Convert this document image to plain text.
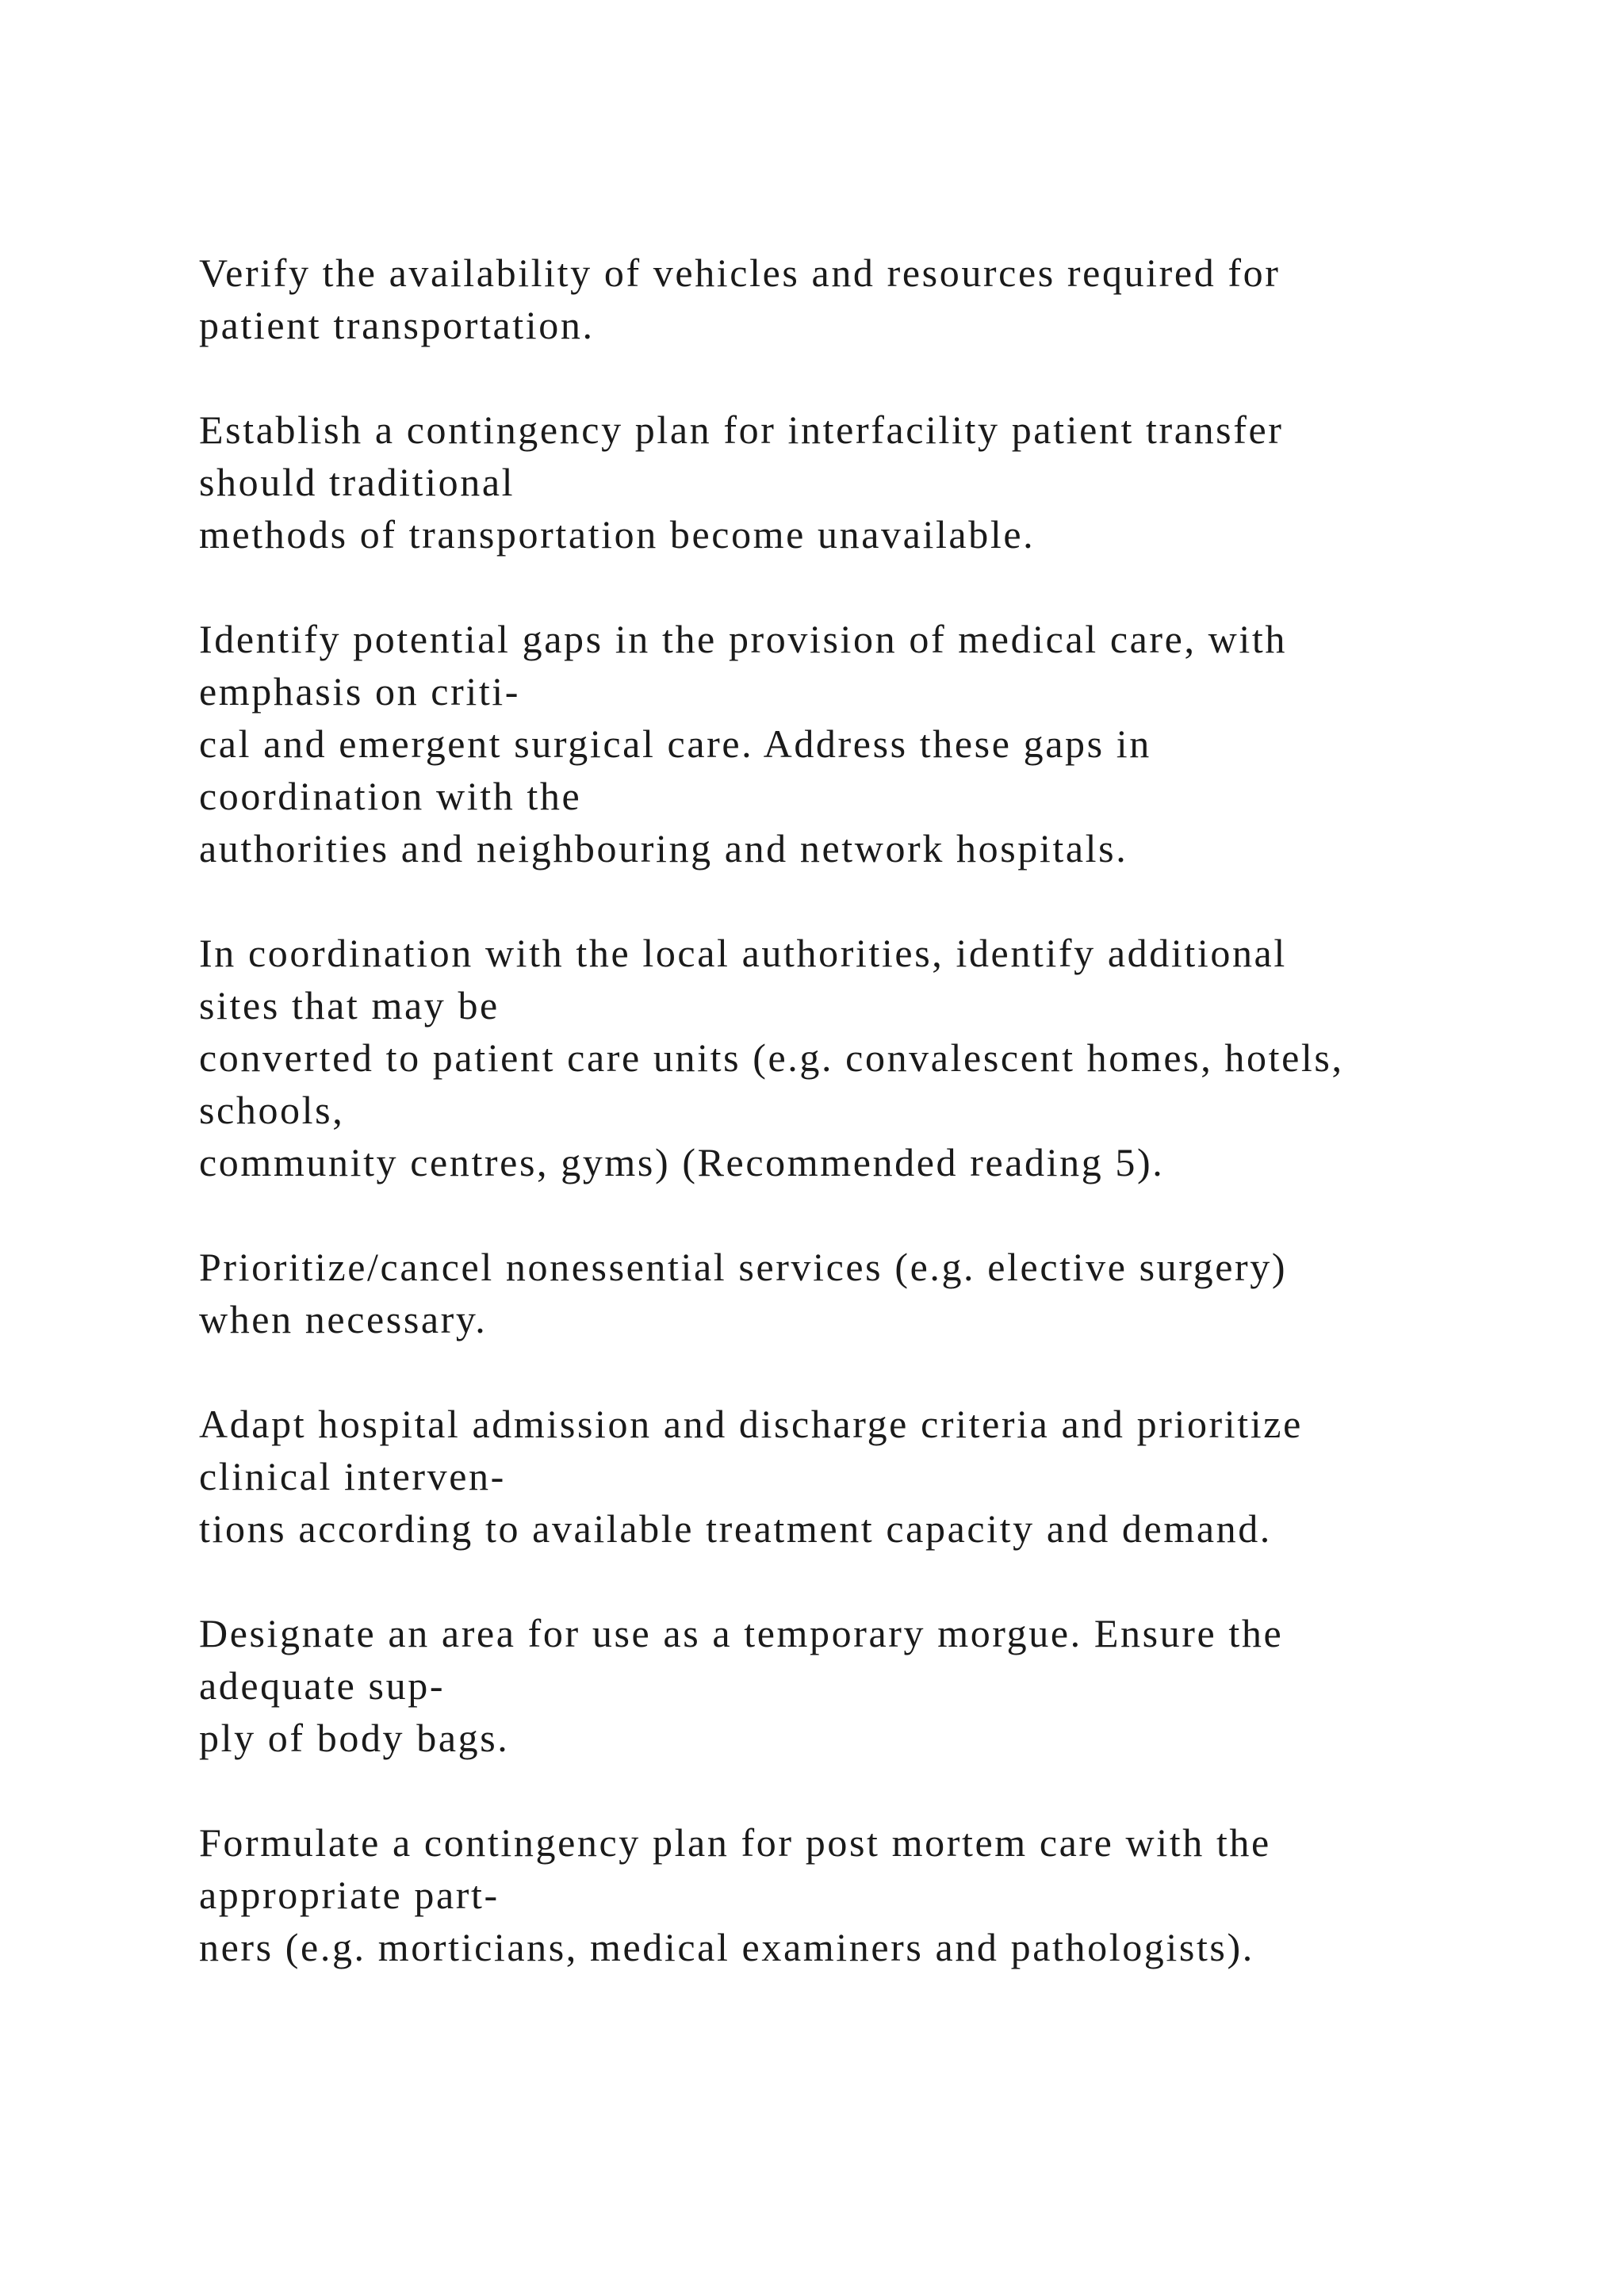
Verify the availability of vehicles and resources required for
patient transportation.

Establish a contingency plan for interfacility patient transfer
should traditional
methods of transportation become unavailable.

Identify potential gaps in the provision of medical care, with
emphasis on criti-
cal and emergent surgical care. Address these gaps in
coordination with the
authorities and neighbouring and network hospitals.

In coordination with the local authorities, identify additional
sites that may be
converted to patient care units (e.g. convalescent homes, hotels,
schools,
community centres, gyms) (Recommended reading 5).

Prioritize/cancel nonessential services (e.g. elective surgery)
when necessary.

Adapt hospital admission and discharge criteria and prioritize
clinical interven-
tions according to available treatment capacity and demand.

Designate an area for use as a temporary morgue. Ensure the
adequate sup-
ply of body bags.

Formulate a contingency plan for post mortem care with the
appropriate part-
ners (e.g. morticians, medical examiners and pathologists).
